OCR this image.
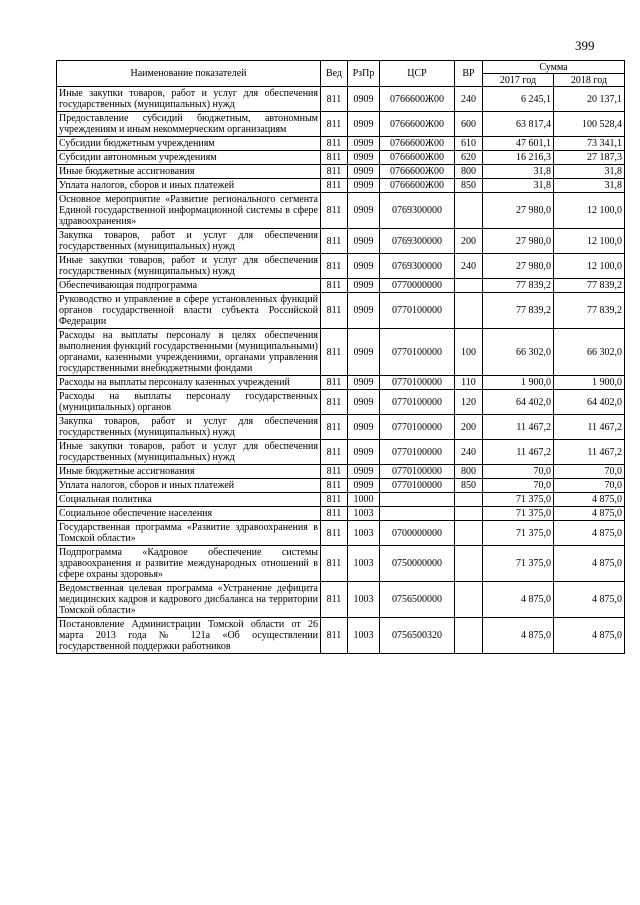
399
Наименование показателей	Вед	РзПр	ЦСР	ВР	Сумма	
					2017 год	2018 год
Иные закупки товаров, работ и услуг для обеспечения государственных (муниципальных) нужд	811	0909	0766600Ж00	240	6 245,1	20 137,1
Предоставление субсидий бюджетным, автономным учреждениям и иным некоммерческим организациям	811	0909	0766600Ж00	600	63 817,4	100 528,4
Субсидии бюджетным учреждениям	811	0909	0766600Ж00	610	47 601,1	73 341,1
Субсидии автономным учреждениям	811	0909	0766600Ж00	620	16 216,3	27 187,3
Иные бюджетные ассигнования	811	0909	0766600Ж00	800	31,8	31,8
Уплата налогов, сборов и иных платежей	811	0909	0766600Ж00	850	31,8	31,8
Основное мероприятие «Развитие регионального сегмента Единой государственной информационной системы в сфере здравоохранения»	811	0909	0769300000		27 980,0	12 100,0
Закупка товаров, работ и услуг для обеспечения государственных (муниципальных) нужд	811	0909	0769300000	200	27 980,0	12 100,0
Иные закупки товаров, работ и услуг для обеспечения государственных (муниципальных) нужд	811	0909	0769300000	240	27 980,0	12 100,0
Обеспечивающая подпрограмма	811	0909	0770000000		77 839,2	77 839,2
Руководство и управление в сфере установленных функций органов государственной власти субъекта Российской Федерации	811	0909	0770100000		77 839,2	77 839,2
Расходы на выплаты персоналу в целях обеспечения выполнения функций государственными (муниципальными) органами, казенными учреждениями, органами управления государственными внебюджетными фондами	811	0909	0770100000	100	66 302,0	66 302,0
Расходы на выплаты персоналу казенных учреждений	811	0909	0770100000	110	1 900,0	1 900,0
Расходы на выплаты персоналу государственных (муниципальных) органов	811	0909	0770100000	120	64 402,0	64 402,0
Закупка товаров, работ и услуг для обеспечения государственных (муниципальных) нужд	811	0909	0770100000	200	11 467,2	11 467,2
Иные закупки товаров, работ и услуг для обеспечения государственных (муниципальных) нужд	811	0909	0770100000	240	11 467,2	11 467,2
Иные бюджетные ассигнования	811	0909	0770100000	800	70,0	70,0
Уплата налогов, сборов и иных платежей	811	0909	0770100000	850	70,0	70,0
Социальная политика	811	1000			71 375,0	4 875,0
Социальное обеспечение населения	811	1003			71 375,0	4 875,0
Государственная программа «Развитие здравоохранения в Томской области»	811	1003	0700000000		71 375,0	4 875,0
Подпрограмма «Кадровое обеспечение системы здравоохранения и развитие международных отношений в сфере охраны здоровья»	811	1003	0750000000		71 375,0	4 875,0
Ведомственная целевая программа «Устранение дефицита медицинских кадров и кадрового дисбаланса на территории Томской области»	811	1003	0756500000		4 875,0	4 875,0
Постановление Администрации Томской области от 26 марта 2013 года № 121а «Об осуществлении государственной поддержки работников	811	1003	0756500320		4 875,0	4 875,0
